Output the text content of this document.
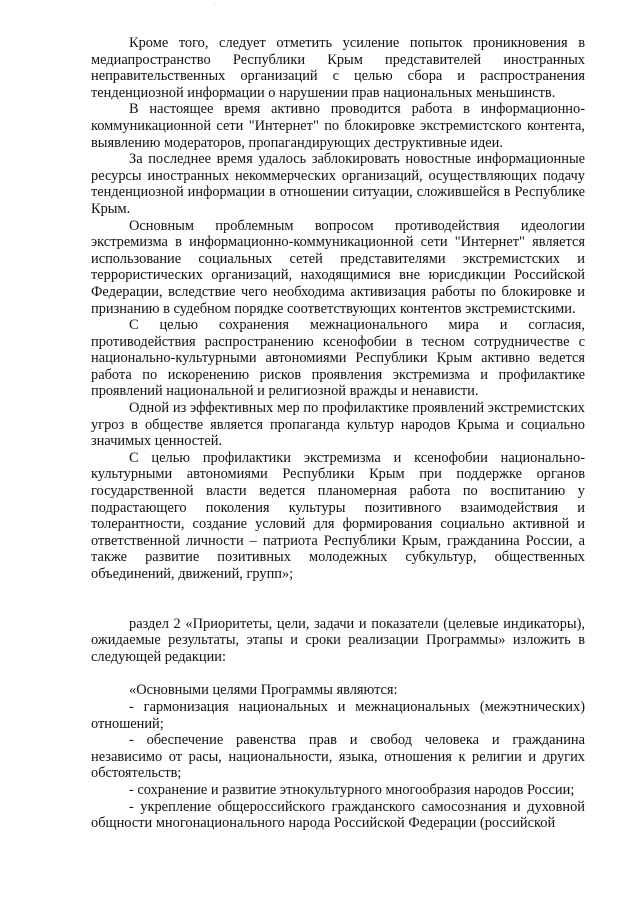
·

Кроме того, следует отметить усиление попыток проникновения в медиапространство Республики Крым представителей иностранных неправительственных организаций с целью сбора и распространения тенденциозной информации о нарушении прав национальных меньшинств.

В настоящее время активно проводится работа в информационно-коммуникационной сети "Интернет" по блокировке экстремистского контента, выявлению модераторов, пропагандирующих деструктивные идеи.

За последнее время удалось заблокировать новостные информационные ресурсы иностранных некоммерческих организаций, осуществляющих подачу тенденциозной информации в отношении ситуации, сложившейся в Республике Крым.

Основным проблемным вопросом противодействия идеологии экстремизма в информационно-коммуникационной сети "Интернет" является использование социальных сетей представителями экстремистских и террористических организаций, находящимися вне юрисдикции Российской Федерации, вследствие чего необходима активизация работы по блокировке и признанию в судебном порядке соответствующих контентов экстремистскими.

С целью сохранения межнационального мира и согласия, противодействия распространению ксенофобии в тесном сотрудничестве с национально-культурными автономиями Республики Крым активно ведется работа по искоренению рисков проявления экстремизма и профилактике проявлений национальной и религиозной вражды и ненависти.

Одной из эффективных мер по профилактике проявлений экстремистских угроз в обществе является пропаганда культур народов Крыма и социально значимых ценностей.

С целью профилактики экстремизма и ксенофобии национально-культурными автономиями Республики Крым при поддержке органов государственной власти ведется планомерная работа по воспитанию у подрастающего поколения культуры позитивного взаимодействия и толерантности, создание условий для формирования социально активной и ответственной личности – патриота Республики Крым, гражданина России, а также развитие позитивных молодежных субкультур, общественных объединений, движений, групп»;

раздел 2 «Приоритеты, цели, задачи и показатели (целевые индикаторы), ожидаемые результаты, этапы и сроки реализации Программы» изложить в следующей редакции:

«Основными целями Программы являются:

- гармонизация национальных и межнациональных (межэтнических) отношений;

- обеспечение равенства прав и свобод человека и гражданина независимо от расы, национальности, языка, отношения к религии и других обстоятельств;

- сохранение и развитие этнокультурного многообразия народов России;

- укрепление общероссийского гражданского самосознания и духовной общности многонационального народа Российской Федерации (российской
